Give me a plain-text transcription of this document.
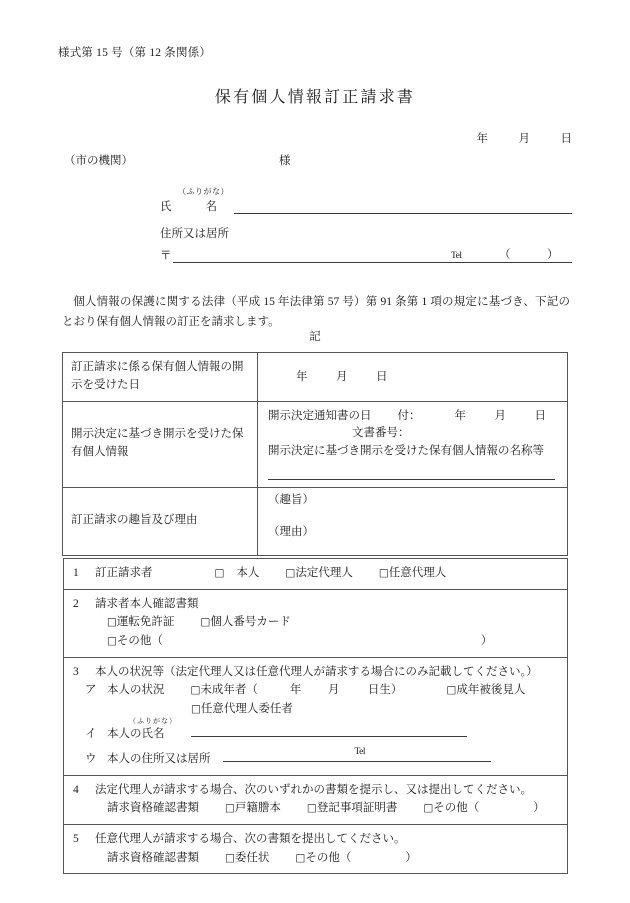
様式第 15 号（第 12 条関係）
保有個人情報訂正請求書
年	月	日
（市の機関）	様
（ふりがな）
氏	名
住所又は居所
〒	Tel	（	）
個人情報の保護に関する法律（平成 15 年法律第 57 号）第 91 条第 1 項の規定に基づき、下記のとおり保有個人情報の訂正を請求します。
記
訂正請求に係る保有個人情報の開示を受けた日	年 月 日
開示決定に基づき開示を受けた保有個人情報	開示決定通知書の日 付： 年 月 日
文書番号：
開示決定に基づき開示を受けた保有個人情報の名称等

訂正請求の趣旨及び理由	（趣旨）
（理由）
1 訂正請求者	□ 本人 □法定代理人 □任意代理人

2 請求者本人確認書類
□運転免許証 □個人番号カード
□その他（	）

3 本人の状況等（法定代理人又は任意代理人が請求する場合にのみ記載してください。）
ア 本人の状況 □未成年者（	年 月 日生）	□成年被後見人
□任意代理人委任者
（ふりがな）
イ 本人の氏名
ウ 本人の住所又は居所
Tel

4 法定代理人が請求する場合、次のいずれかの書類を提示し、又は提出してください。
請求資格確認書類 □戸籍謄本 □登記事項証明書 □その他（	）

5 任意代理人が請求する場合、次の書類を提出してください。
請求資格確認書類 □委任状 □その他（	）
